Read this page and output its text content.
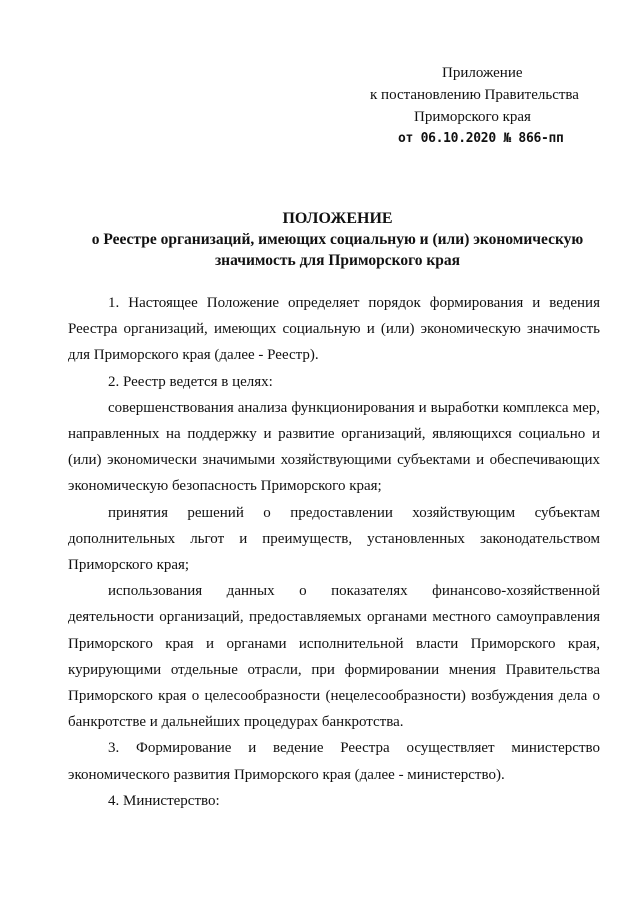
Приложение
к постановлению Правительства
Приморского края
от 06.10.2020 № 866-пп
ПОЛОЖЕНИЕ
о Реестре организаций, имеющих социальную и (или) экономическую
значимость для Приморского края

1. Настоящее Положение определяет порядок формирования и ведения Реестра организаций, имеющих социальную и (или) экономическую значимость для Приморского края (далее - Реестр).

2. Реестр ведется в целях:

совершенствования анализа функционирования и выработки комплекса мер, направленных на поддержку и развитие организаций, являющихся социально и (или) экономически значимыми хозяйствующими субъектами и обеспечивающих экономическую безопасность Приморского края;

принятия решений о предоставлении хозяйствующим субъектам дополнительных льгот и преимуществ, установленных законодательством Приморского края;

использования данных о показателях финансово-хозяйственной деятельности организаций, предоставляемых органами местного самоуправления Приморского края и органами исполнительной власти Приморского края, курирующими отдельные отрасли, при формировании мнения Правительства Приморского края о целесообразности (нецелесообразности) возбуждения дела о банкротстве и дальнейших процедурах банкротства.

3. Формирование и ведение Реестра осуществляет министерство экономического развития Приморского края (далее - министерство).

4. Министерство:
